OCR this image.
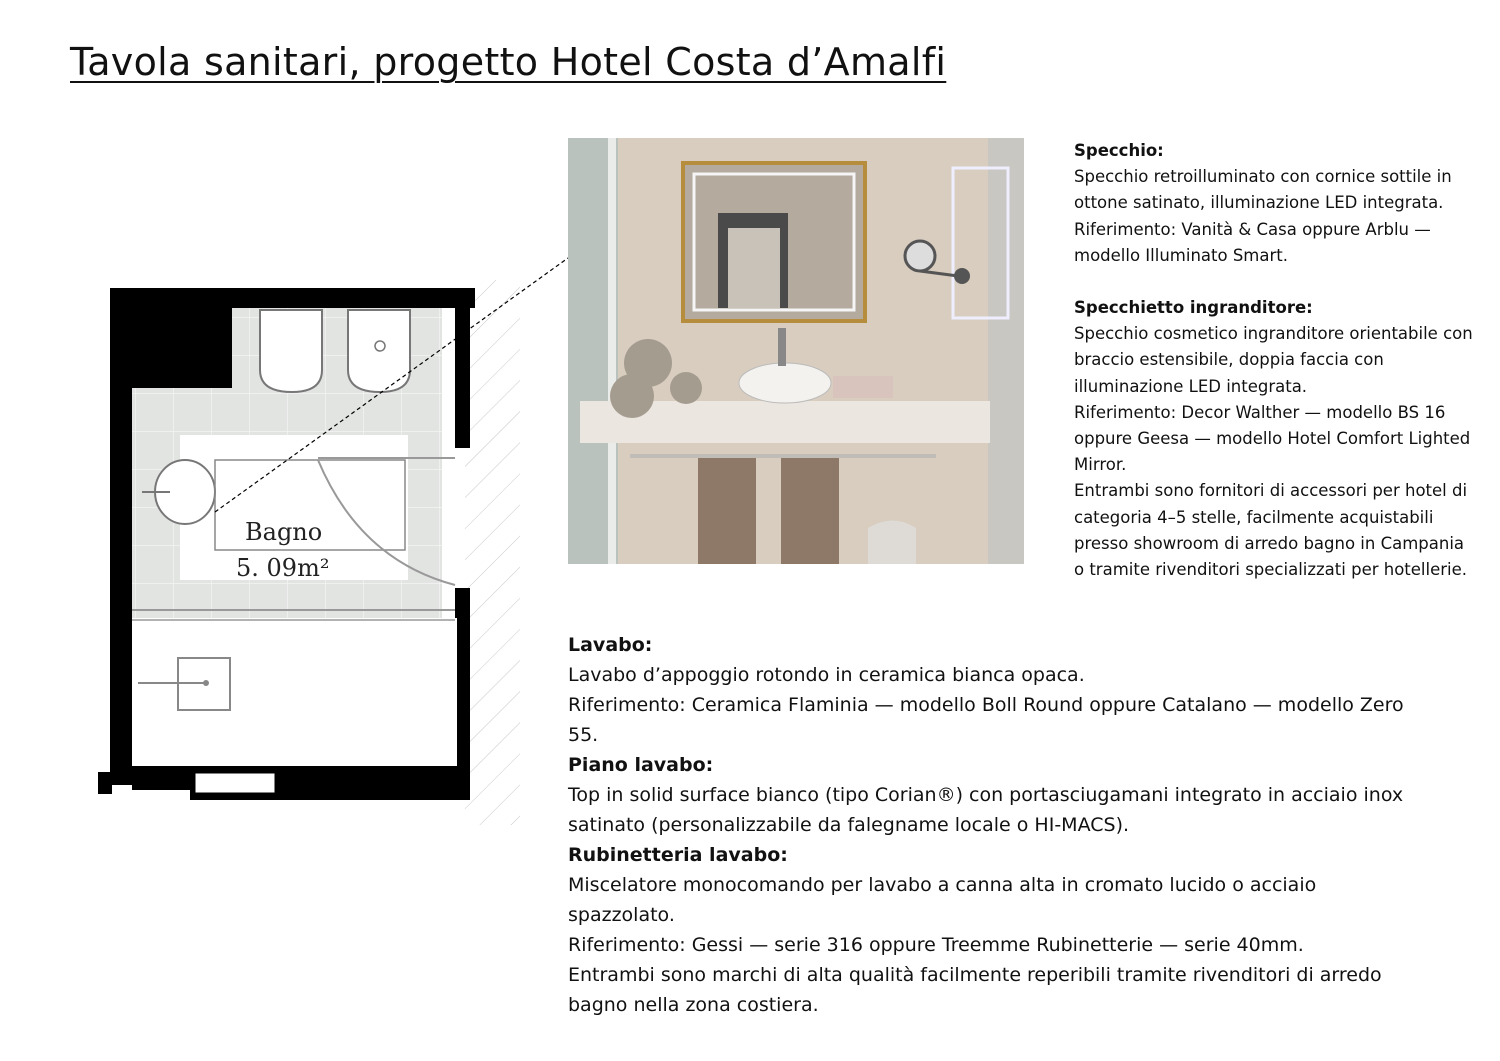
Tavola sanitari, progetto Hotel Costa d’Amalfi
Bagno
5. 09m²
Specchio:
Specchio retroilluminato con cornice sottile in ottone satinato, illuminazione LED integrata.
Riferimento: Vanità & Casa oppure Arblu — modello Illuminato Smart.
Specchietto ingranditore:
Specchio cosmetico ingranditore orientabile con braccio estensibile, doppia faccia con illuminazione LED integrata.
Riferimento: Decor Walther — modello BS 16 oppure Geesa — modello Hotel Comfort Lighted Mirror.
Entrambi sono fornitori di accessori per hotel di categoria 4–5 stelle, facilmente acquistabili presso showroom di arredo bagno in Campania o tramite rivenditori specializzati per hotellerie.
Lavabo:
Lavabo d’appoggio rotondo in ceramica bianca opaca.
Riferimento: Ceramica Flaminia — modello Boll Round oppure Catalano — modello Zero 55.
Piano lavabo:
Top in solid surface bianco (tipo Corian®) con portasciugamani integrato in acciaio inox satinato (personalizzabile da falegname locale o HI-MACS).
Rubinetteria lavabo:
Miscelatore monocomando per lavabo a canna alta in cromato lucido o acciaio spazzolato.
Riferimento: Gessi — serie 316 oppure Treemme Rubinetterie — serie 40mm.
Entrambi sono marchi di alta qualità facilmente reperibili tramite rivenditori di arredo bagno nella zona costiera.
